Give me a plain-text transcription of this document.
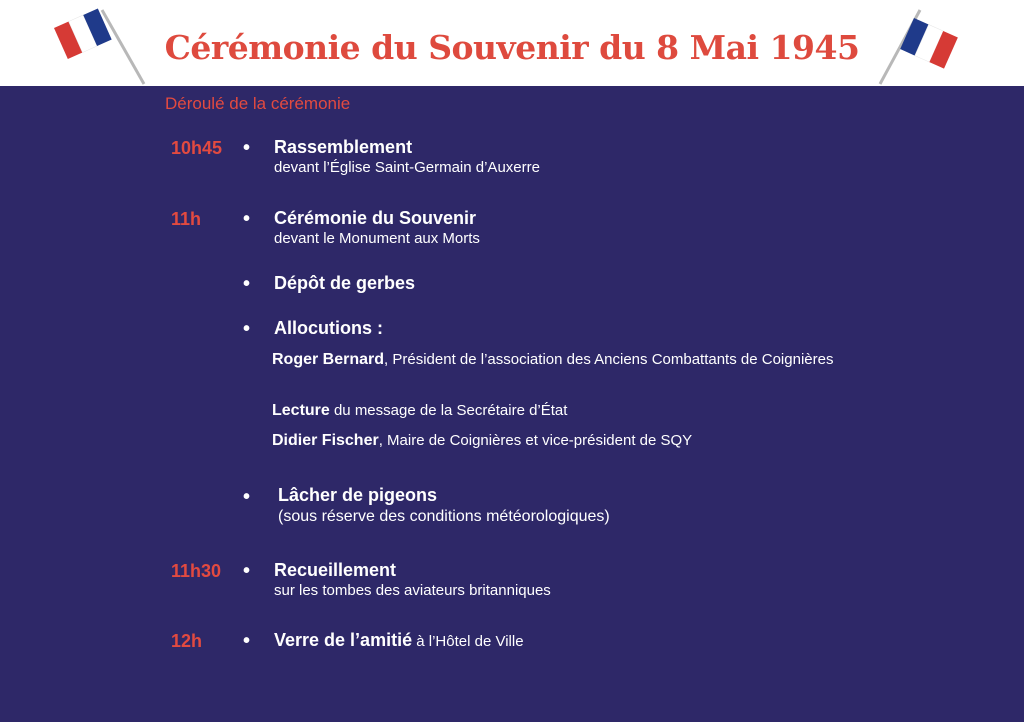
Cérémonie du Souvenir du 8 Mai 1945
Déroulé de la cérémonie
10h45 • Rassemblement
devant l’Église Saint-Germain d’Auxerre
11h • Cérémonie du Souvenir
devant le Monument aux Morts
• Dépôt de gerbes
• Allocutions :
Roger Bernard, Président de l’association des Anciens Combattants de Coignières
Lecture du message de la Secrétaire d’État
Didier Fischer, Maire de Coignières et vice-président de SQY
• Lâcher de pigeons
(sous réserve des conditions météorologiques)
11h30 • Recueillement
sur les tombes des aviateurs britanniques
12h • Verre de l’amitié à l’Hôtel de Ville
